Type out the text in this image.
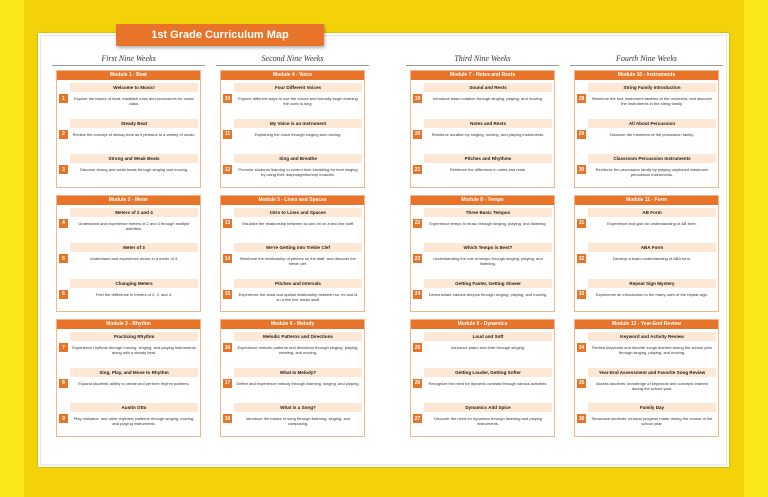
1st Grade Curriculum Map
First Nine Weeks
Module 1 - Beat
1
Welcome to Music!
Explore the basics of beat, establish rules and procedures for music class.
2
Steady Beat
Review the concept of steady beat as it pertains to a variety of music.
3
Strong and Weak Beats
Discover strong and weak beats through singing and moving.
Module 2 - Meter
4
Meters of 2 and 4
Understand and experience meters of 2 and 4 through multiple activities.
5
Meter of 3
Understand and experience music in a meter of 3.
6
Changing Meters
Feel the difference in meters of 2, 3, and 4.
Module 3 - Rhythm
7
Practicing Rhythm
Experience rhythms through moving, singing, and playing instruments along with a steady beat.
8
Sing, Play, and Move to Rhythm
Expand students' ability to create and perform rhythm patterns.
9
Austin Otto
Play ostinatos, and other rhythmic patterns through singing, moving, and playing instruments.
Second Nine Weeks
Module 4 - Voice
10
Four Different Voices
Explore different ways to use the voices and formally begin learning the cues to sing.
11
My Voice is an Instrument
Explaining the voice through singing and moving.
12
Sing and Breathe
Promote students learning to control their breathing for best singing by using their diaphragm/tummy muscles.
Module 5 - Lines and Spaces
13
Intro to Lines and Spaces
Visualize the relationship between so and mi on a two line staff.
14
We're Getting into Treble Clef
Reinforce the relationship of pitches on the staff, and discover the treble clef.
15
Pitches and Intervals
Experience the aural and spatial relationship between so, mi and la on a five line music staff.
Module 6 - Melody
16
Melodic Patterns and Directions
Experience melodic patterns and directions through singing, playing, creating, and moving.
17
What Is Melody?
Define and experience melody through listening, singing, and playing.
18
What is a Song?
Introduce the basics of song through listening, singing, and composing.
Third Nine Weeks
Module 7 - Notes and Rests
19
Sound and Rests
Introduce basic notation through singing, playing, and moving.
20
Notes and Rests
Reinforce duration by singing, moving, and playing instruments.
21
Pitches and Rhythms
Reinforce the difference in notes and rests.
Module 8 - Tempo
22
Three Basic Tempos
Experience tempo in music through singing, playing, and listening.
23
Which Tempo is Best?
Understanding the role of tempo through singing, playing, and listening.
24
Getting Faster, Getting Slower
Demonstrate various tempos through singing, playing, and moving.
Module 9 - Dynamics
25
Loud and Soft
Introduce piano and forte through singing.
26
Getting Louder, Getting Softer
Recognize the need for dynamic contrast through various activities.
27
Dynamics Add Spice
Discover the need for dynamics through listening and playing instruments.
Fourth Nine Weeks
Module 10 - Instruments
28
String Family Introduction
Reinforce the four instrument families of the orchestra, and discover the instruments in the string family.
29
All About Percussion
Discover the members of the percussion family.
30
Classroom Percussion Instruments
Reinforce the percussion family by playing unpitched classroom percussion instruments.
Module 11 - Form
31
AB Form
Experience and gain an understanding of AB form.
32
ABA Form
Develop a basic understanding of ABA form.
33
Repeat Sign Mystery
Experience an introduction to the many uses of the repeat sign.
Module 12 - Year-End Review
34
Keyword and Activity Review
Review keywords and favorite songs learned during the school year through singing, playing, and moving.
35
Year-End Assessment and Favorite Song Review
Assess students' knowledge of keywords and concepts learned during the school year.
36
Family Day
Showcase students' musical progress made during the course of the school year.
